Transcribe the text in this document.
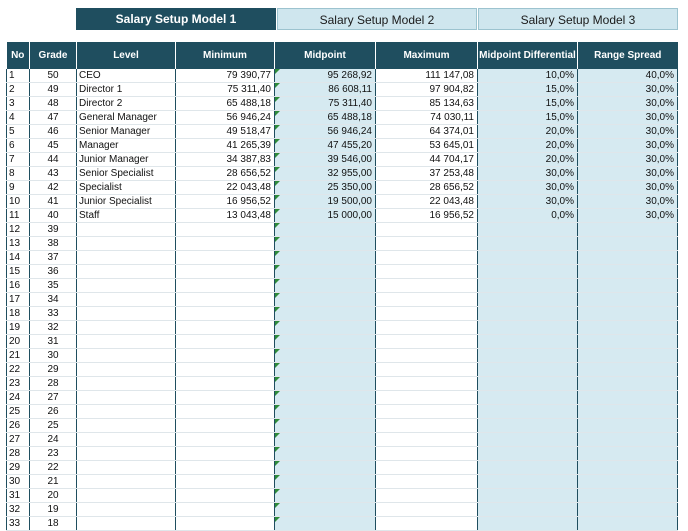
Salary Setup Model 1	Salary Setup Model 2	Salary Setup Model 3
No	Grade	Level	Minimum	Midpoint	Maximum	Midpoint Differential	Range Spread
1	50	CEO	79 390,77	95 268,92	111 147,08	10,0%	40,0%
2	49	Director 1	75 311,40	86 608,11	97 904,82	15,0%	30,0%
3	48	Director 2	65 488,18	75 311,40	85 134,63	15,0%	30,0%
4	47	General Manager	56 946,24	65 488,18	74 030,11	15,0%	30,0%
5	46	Senior Manager	49 518,47	56 946,24	64 374,01	20,0%	30,0%
6	45	Manager	41 265,39	47 455,20	53 645,01	20,0%	30,0%
7	44	Junior Manager	34 387,83	39 546,00	44 704,17	20,0%	30,0%
8	43	Senior Specialist	28 656,52	32 955,00	37 253,48	30,0%	30,0%
9	42	Specialist	22 043,48	25 350,00	28 656,52	30,0%	30,0%
10	41	Junior Specialist	16 956,52	19 500,00	22 043,48	30,0%	30,0%
11	40	Staff	13 043,48	15 000,00	16 956,52	0,0%	30,0%
12	39			

13	38			

14	37			

15	36			

16	35			

17	34			

18	33			

19	32			

20	31			

21	30			

22	29			

23	28			

24	27			

25	26			

26	25			

27	24			

28	23			

29	22			

30	21			

31	20			

32	19			

33	18			
